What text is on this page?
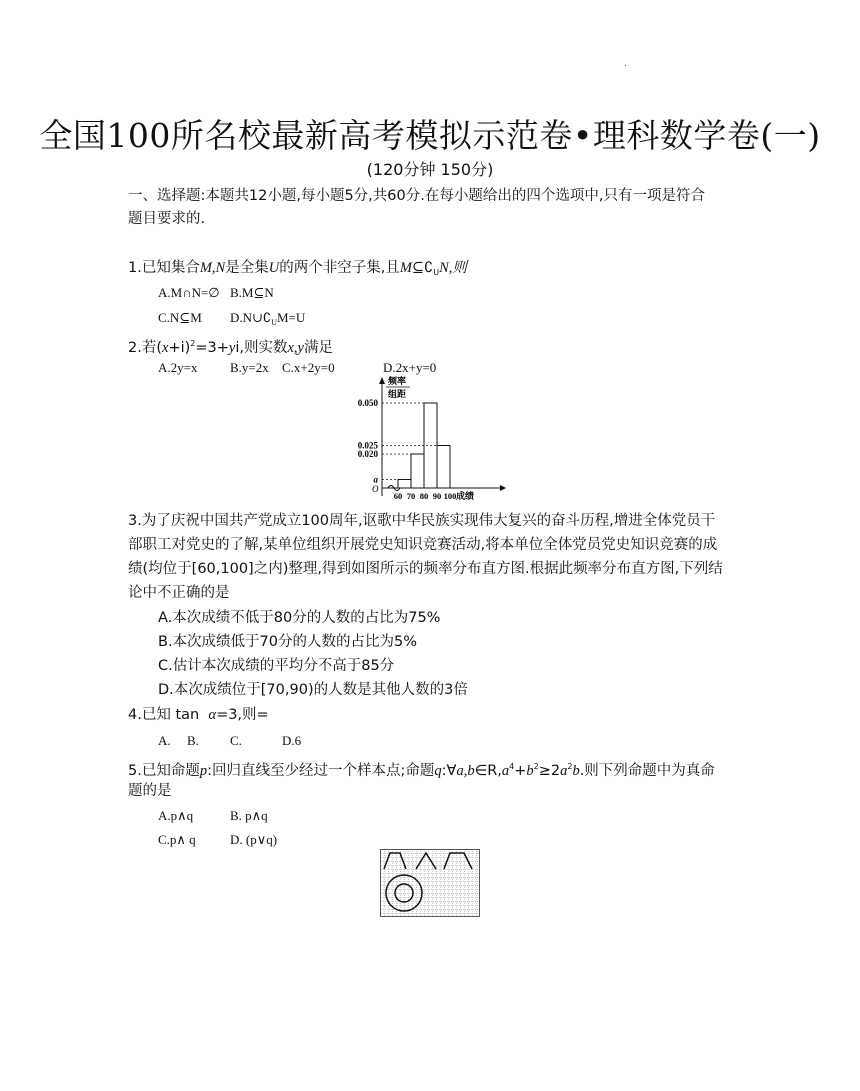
.
全国100所名校最新高考模拟示范卷•理科数学卷(一)
(120分钟 150分)
一、选择题:本题共12小题,每小题5分,共60分.在每小题给出的四个选项中,只有一项是符合
题目要求的.
1.已知集合M,N是全集U的两个非空子集,且$M⊆∁_UN$,则
A.M∩N=∅ B.M⊆N
C.N⊆M $D.N\cup∁_UM=U$
2.若$(x+i)^2=3+yi$,则实数x,y满足
A.2y=x	B.y=2x C.x+2y=0	D.2x+y=0
频率
组距
O
a
0.020
0.025
0.050
60 70 80 90 100 成绩
3.为了庆祝中国共产党成立100周年,讴歌中华民族实现伟大复兴的奋斗历程,增进全体党员干
部职工对党史的了解,某单位组织开展党史知识竞赛活动,将本单位全体党员党史知识竞赛的成
绩(均位于[60,100]之内)整理,得到如图所示的频率分布直方图.根据此频率分布直方图,下列结
论中不正确的是
A.本次成绩不低于80分的人数的占比为75%
B.本次成绩低于70分的人数的占比为5%
C.估计本次成绩的平均分不高于85分
D.本次成绩位于[70,90)的人数是其他人数的3倍
4.已知 tan α=3,则=
A. B. C.	D.6
5.已知命题p:回归直线至少经过一个样本点;命题$q:\forall a,b\in R,a^4+b^2\ge 2a^2b$.则下列命题中为真命
题的是
A.p∧q	B. p∧q
C.p∧ q	D. (p∨q)
